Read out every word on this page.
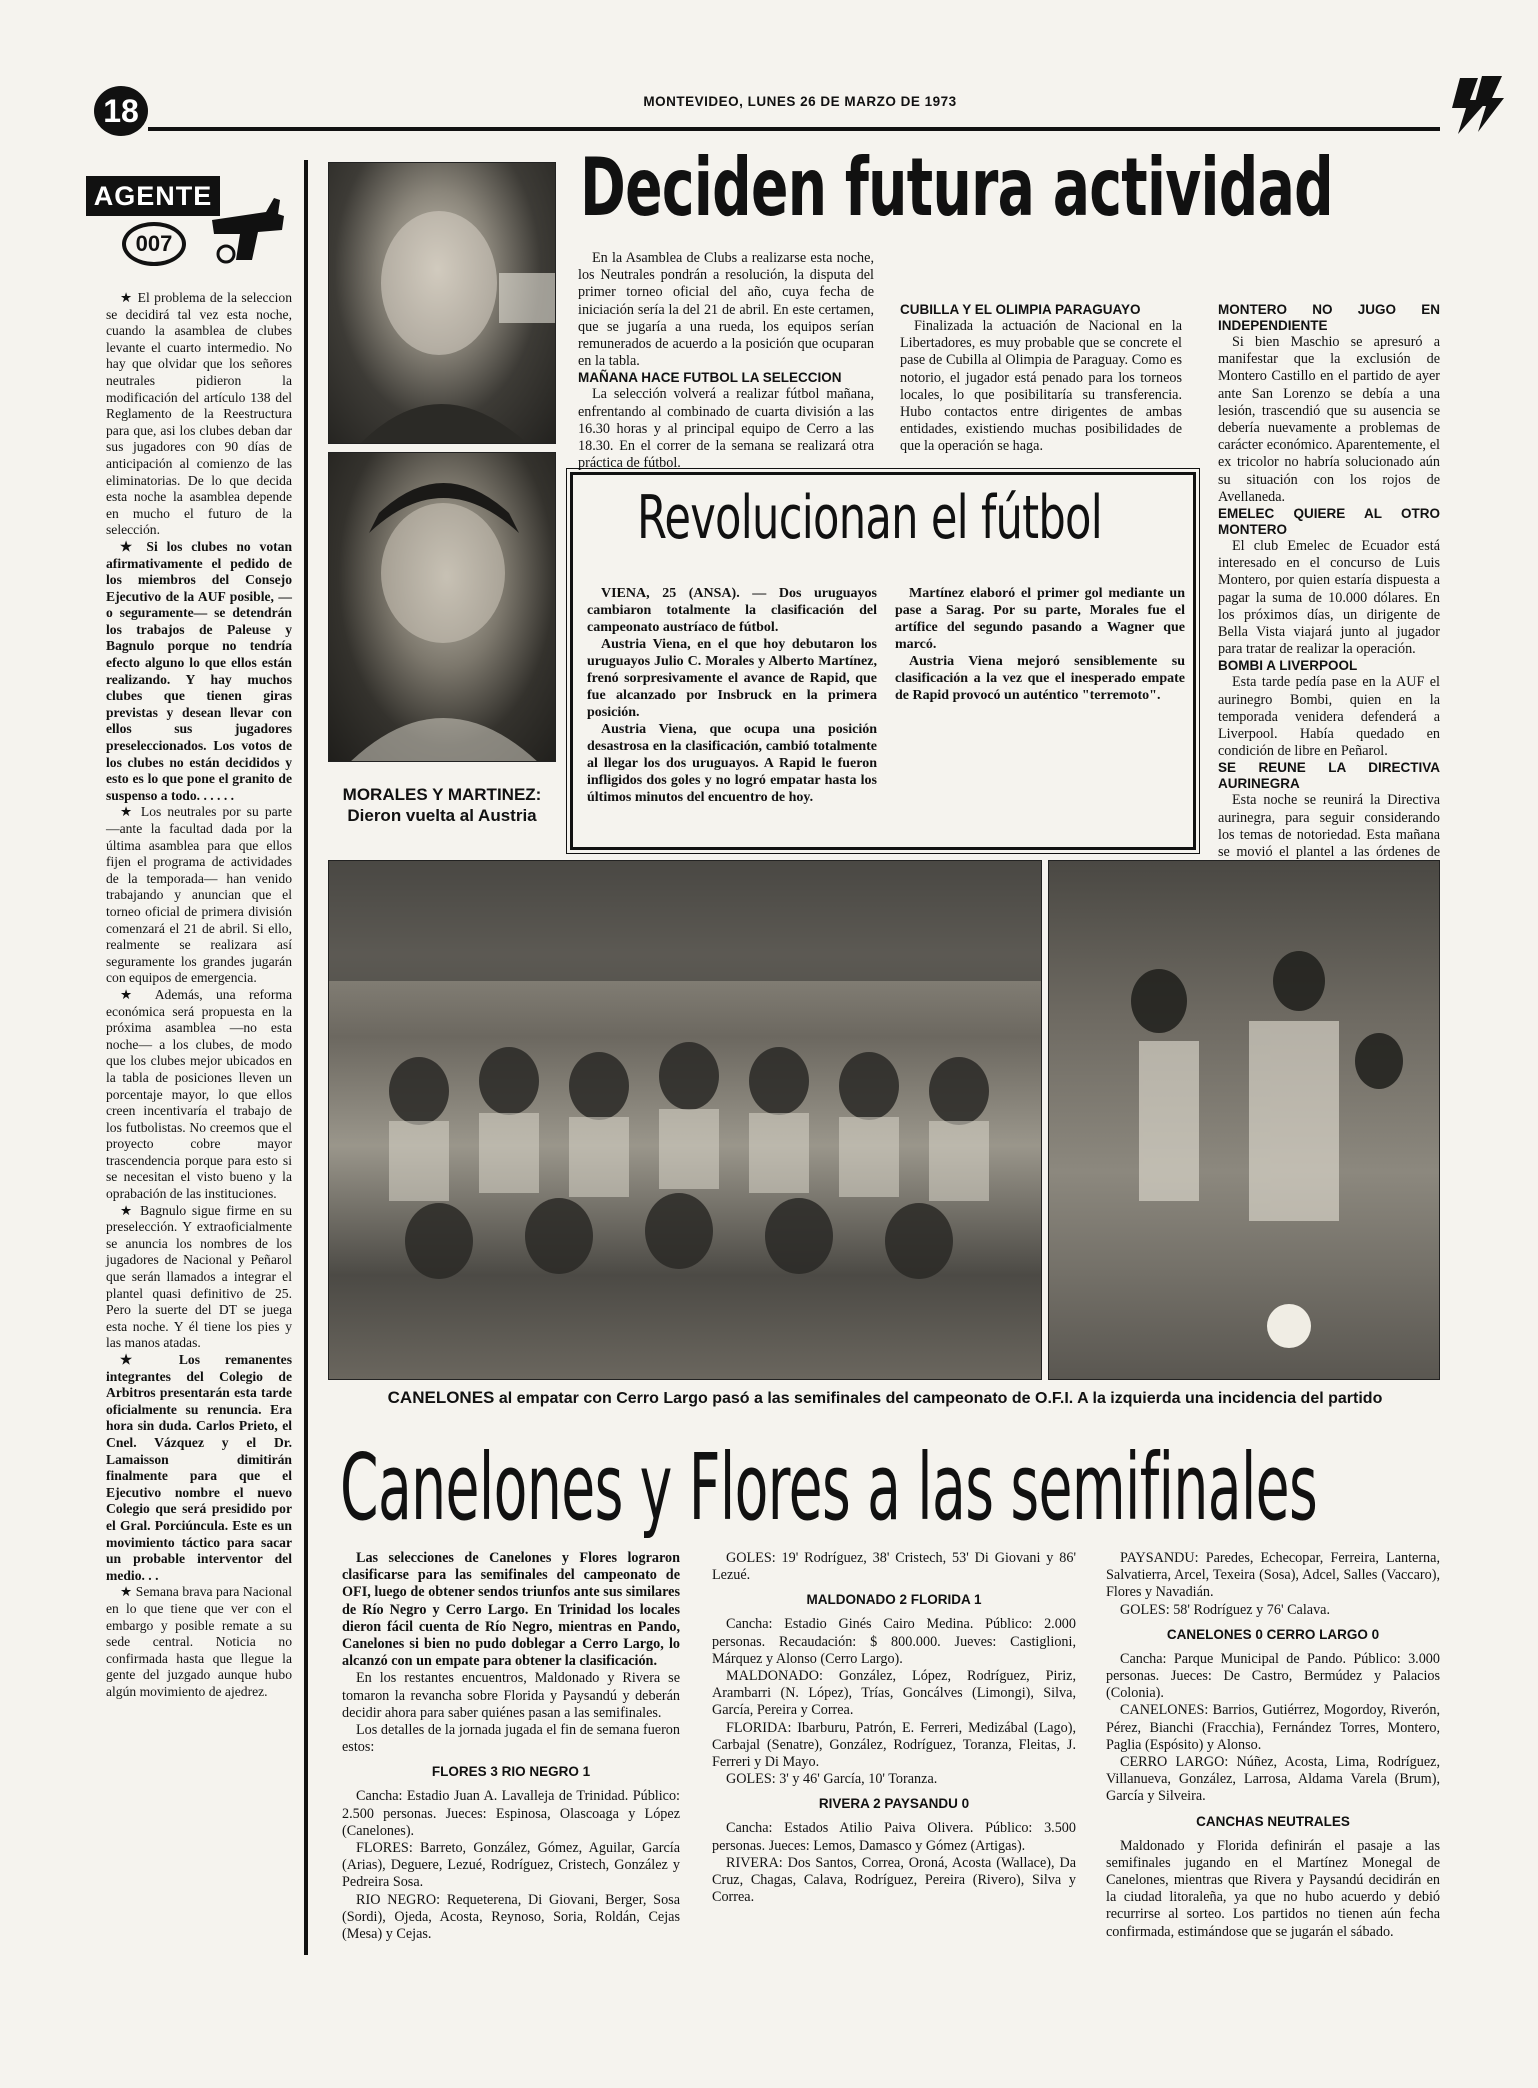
18	MONTEVIDEO, LUNES 26 DE MARZO DE 1973
AGENTE
007

★ El problema de la seleccion se decidirá tal vez esta noche, cuando la asamblea de clubes levante el cuarto intermedio. No hay que olvidar que los señores neutrales pidieron la modificación del artículo 138 del Reglamento de la Reestructura para que, asi los clubes deban dar sus jugadores con 90 días de anticipación al comienzo de las eliminatorias. De lo que decida esta noche la asamblea depende en mucho el futuro de la selección.

★ Si los clubes no votan afirmativamente el pedido de los miembros del Consejo Ejecutivo de la AUF posible, —o seguramente— se detendrán los trabajos de Paleuse y Bagnulo porque no tendría efecto alguno lo que ellos están realizando. Y hay muchos clubes que tienen giras previstas y desean llevar con ellos sus jugadores preseleccionados. Los votos de los clubes no están decididos y esto es lo que pone el granito de suspenso a todo. . . . . .

★ Los neutrales por su parte —ante la facultad dada por la última asamblea para que ellos fijen el programa de actividades de la temporada— han venido trabajando y anuncian que el torneo oficial de primera división comenzará el 21 de abril. Si ello, realmente se realizara así seguramente los grandes jugarán con equipos de emergencia.

★ Además, una reforma económica será propuesta en la próxima asamblea —no esta noche— a los clubes, de modo que los clubes mejor ubicados en la tabla de posiciones lleven un porcentaje mayor, lo que ellos creen incentivaría el trabajo de los futbolistas. No creemos que el proyecto cobre mayor trascendencia porque para esto si se necesitan el visto bueno y la oprabación de las instituciones.

★ Bagnulo sigue firme en su preselección. Y extraoficialmente se anuncia los nombres de los jugadores de Nacional y Peñarol que serán llamados a integrar el plantel quasi definitivo de 25. Pero la suerte del DT se juega esta noche. Y él tiene los pies y las manos atadas.

★ Los remanentes integrantes del Colegio de Arbitros presentarán esta tarde oficialmente su renuncia. Era hora sin duda. Carlos Prieto, el Cnel. Vázquez y el Dr. Lamaisson dimitirán finalmente para que el Ejecutivo nombre el nuevo Colegio que será presidido por el Gral. Porciúncula. Este es un movimiento táctico para sacar un probable interventor del medio. . .

★ Semana brava para Nacional en lo que tiene que ver con el embargo y posible remate a su sede central. Noticia no confirmada hasta que llegue la gente del juzgado aunque hubo algún movimiento de ajedrez.

MORALES Y MARTINEZ: Dieron vuelta al Austria
Deciden futura actividad

En la Asamblea de Clubs a realizarse esta noche, los Neutrales pondrán a resolución, la disputa del primer torneo oficial del año, cuya fecha de iniciación sería la del 21 de abril. En este certamen, que se jugaría a una rueda, los equipos serían remunerados de acuerdo a la posición que ocuparan en la tabla.

MAÑANA HACE FUTBOL LA SELECCION

La selección volverá a realizar fútbol mañana, enfrentando al combinado de cuarta división a las 16.30 horas y al principal equipo de Cerro a las 18.30. En el correr de la semana se realizará otra práctica de fútbol.

CUBILLA Y EL OLIMPIA PARAGUAYO

Finalizada la actuación de Nacional en la Libertadores, es muy probable que se concrete el pase de Cubilla al Olimpia de Paraguay. Como es notorio, el jugador está penado para los torneos locales, lo que posibilitaría su transferencia. Hubo contactos entre dirigentes de ambas entidades, existiendo muchas posibilidades de que la operación se haga.

MONTERO NO JUGO EN INDEPENDIENTE

Si bien Maschio se apresuró a manifestar que la exclusión de Montero Castillo en el partido de ayer ante San Lorenzo se debía a una lesión, trascendió que su ausencia se debería nuevamente a problemas de carácter económico. Aparentemente, el ex tricolor no habría solucionado aún su situación con los rojos de Avellaneda.

EMELEC QUIERE AL OTRO MONTERO

El club Emelec de Ecuador está interesado en el concurso de Luis Montero, por quien estaría dispuesta a pagar la suma de 10.000 dólares. En los próximos días, un dirigente de Bella Vista viajará junto al jugador para tratar de realizar la operación.

BOMBI A LIVERPOOL

Esta tarde pedía pase en la AUF el aurinegro Bombi, quien en la temporada venidera defenderá a Liverpool. Había quedado en condición de libre en Peñarol.

SE REUNE LA DIRECTIVA AURINEGRA

Esta noche se reunirá la Directiva aurinegra, para seguir considerando los temas de notoriedad. Esta mañana se movió el plantel a las órdenes de

Revolucionan el fútbol

VIENA, 25 (ANSA). — Dos uruguayos cambiaron totalmente la clasificación del campeonato austríaco de fútbol.

Austria Viena, en el que hoy debutaron los uruguayos Julio C. Morales y Alberto Martínez, frenó sorpresivamente el avance de Rapid, que fue alcanzado por Insbruck en la primera posición.

Austria Viena, que ocupa una posición desastrosa en la clasificación, cambió totalmente al llegar los dos uruguayos. A Rapid le fueron infligidos dos goles y no logró empatar hasta los últimos minutos del encuentro de hoy.

Martínez elaboró el primer gol mediante un pase a Sarag. Por su parte, Morales fue el artífice del segundo pasando a Wagner que marcó.

Austria Viena mejoró sensiblemente su clasificación a la vez que el inesperado empate de Rapid provocó un auténtico "terremoto".

CANELONES al empatar con Cerro Largo pasó a las semifinales del campeonato de O.F.I. A la izquierda una incidencia del partido
Canelones y Flores a las semifinales

Las selecciones de Canelones y Flores lograron clasificarse para las semifinales del campeonato de OFI, luego de obtener sendos triunfos ante sus similares de Río Negro y Cerro Largo. En Trinidad los locales dieron fácil cuenta de Río Negro, mientras en Pando, Canelones si bien no pudo doblegar a Cerro Largo, lo alcanzó con un empate para obtener la clasificación.

En los restantes encuentros, Maldonado y Rivera se tomaron la revancha sobre Florida y Paysandú y deberán decidir ahora para saber quiénes pasan a las semifinales.

Los detalles de la jornada jugada el fin de semana fueron estos:

FLORES 3 RIO NEGRO 1

Cancha: Estadio Juan A. Lavalleja de Trinidad. Público: 2.500 personas. Jueces: Espinosa, Olascoaga y López (Canelones).

FLORES: Barreto, González, Gómez, Aguilar, García (Arias), Deguere, Lezué, Rodríguez, Cristech, González y Pedreira Sosa.

RIO NEGRO: Requeterena, Di Giovani, Berger, Sosa (Sordi), Ojeda, Acosta, Reynoso, Soria, Roldán, Cejas (Mesa) y Cejas.

GOLES: 19' Rodríguez, 38' Cristech, 53' Di Giovani y 86' Lezué.

MALDONADO 2 FLORIDA 1

Cancha: Estadio Ginés Cairo Medina. Público: 2.000 personas. Recaudación: $ 800.000. Jueves: Castiglioni, Márquez y Alonso (Cerro Largo).

MALDONADO: González, López, Rodríguez, Piriz, Arambarri (N. López), Trías, Goncálves (Limongi), Silva, García, Pereira y Correa.

FLORIDA: Ibarburu, Patrón, E. Ferreri, Medizábal (Lago), Carbajal (Senatre), González, Rodríguez, Toranza, Fleitas, J. Ferreri y Di Mayo.

GOLES: 3' y 46' García, 10' Toranza.

RIVERA 2 PAYSANDU 0

Cancha: Estados Atilio Paiva Olivera. Público: 3.500 personas. Jueces: Lemos, Damasco y Gómez (Artigas).

RIVERA: Dos Santos, Correa, Oroná, Acosta (Wallace), Da Cruz, Chagas, Calava, Rodríguez, Pereira (Rivero), Silva y Correa.

PAYSANDU: Paredes, Echecopar, Ferreira, Lanterna, Salvatierra, Arcel, Texeira (Sosa), Adcel, Salles (Vaccaro), Flores y Navadián.

GOLES: 58' Rodríguez y 76' Calava.

CANELONES 0 CERRO LARGO 0

Cancha: Parque Municipal de Pando. Público: 3.000 personas. Jueces: De Castro, Bermúdez y Palacios (Colonia).

CANELONES: Barrios, Gutiérrez, Mogordoy, Riverón, Pérez, Bianchi (Fracchia), Fernández Torres, Montero, Paglia (Espósito) y Alonso.

CERRO LARGO: Núñez, Acosta, Lima, Rodríguez, Villanueva, González, Larrosa, Aldama Varela (Brum), García y Silveira.

CANCHAS NEUTRALES

Maldonado y Florida definirán el pasaje a las semifinales jugando en el Martínez Monegal de Canelones, mientras que Rivera y Paysandú decidirán en la ciudad litoraleña, ya que no hubo acuerdo y debió recurrirse al sorteo. Los partidos no tienen aún fecha confirmada, estimándose que se jugarán el sábado.
